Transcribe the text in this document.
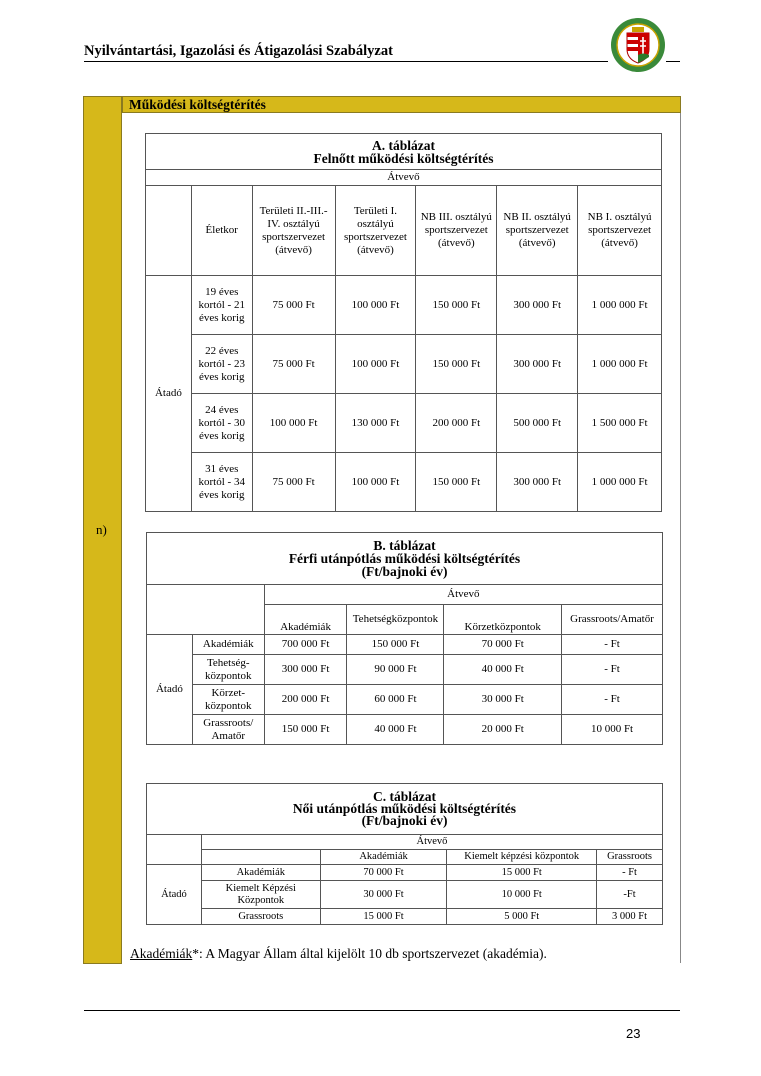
Nyilvántartási, Igazolási és Átigazolási Szabályzat
n)
Működési költségtérítés
A. táblázat
Felnőtt működési költségtérítés						

Átvevő						
	Életkor	Területi II.-III.-IV. osztályú sportszervezet (átvevő)	Területi I. osztályú sportszervezet (átvevő)	NB III. osztályú sportszervezet (átvevő)	NB II. osztályú sportszervezet (átvevő)	NB I. osztályú sportszervezet (átvevő)
Átadó	19 éves kortól - 21 éves korig	75 000 Ft	100 000 Ft	150 000 Ft	300 000 Ft	1 000 000 Ft
	22 éves kortól - 23 éves korig	75 000 Ft	100 000 Ft	150 000 Ft	300 000 Ft	1 000 000 Ft
	24 éves kortól - 30 éves korig	100 000 Ft	130 000 Ft	200 000 Ft	500 000 Ft	1 500 000 Ft
	31 éves kortól - 34 éves korig	75 000 Ft	100 000 Ft	150 000 Ft	300 000 Ft	1 000 000 Ft
B. táblázat
Férfi utánpótlás működési költségtérítés
(Ft/bajnoki év)					

		Átvevő			
		Akadémiák	Tehetségközpontok	Körzetközpontok	Grassroots/Amatőr
Átadó	Akadémiák	700 000 Ft	150 000 Ft	70 000 Ft	- Ft
	Tehetség-központok	300 000 Ft	90 000 Ft	40 000 Ft	- Ft
	Körzet-központok	200 000 Ft	60 000 Ft	30 000 Ft	- Ft
	Grassroots/ Amatőr	150 000 Ft	40 000 Ft	20 000 Ft	10 000 Ft
C. táblázat
Női utánpótlás működési költségtérítés
(Ft/bajnoki év)				

	Átvevő			
		Akadémiák	Kiemelt képzési központok	Grassroots
Átadó	Akadémiák	70 000 Ft	15 000 Ft	- Ft
	Kiemelt Képzési Központok	30 000 Ft	10 000 Ft	-Ft
	Grassroots	15 000 Ft	5 000 Ft	3 000 Ft
Akadémiák*: A Magyar Állam által kijelölt 10 db sportszervezet (akadémia).
23
